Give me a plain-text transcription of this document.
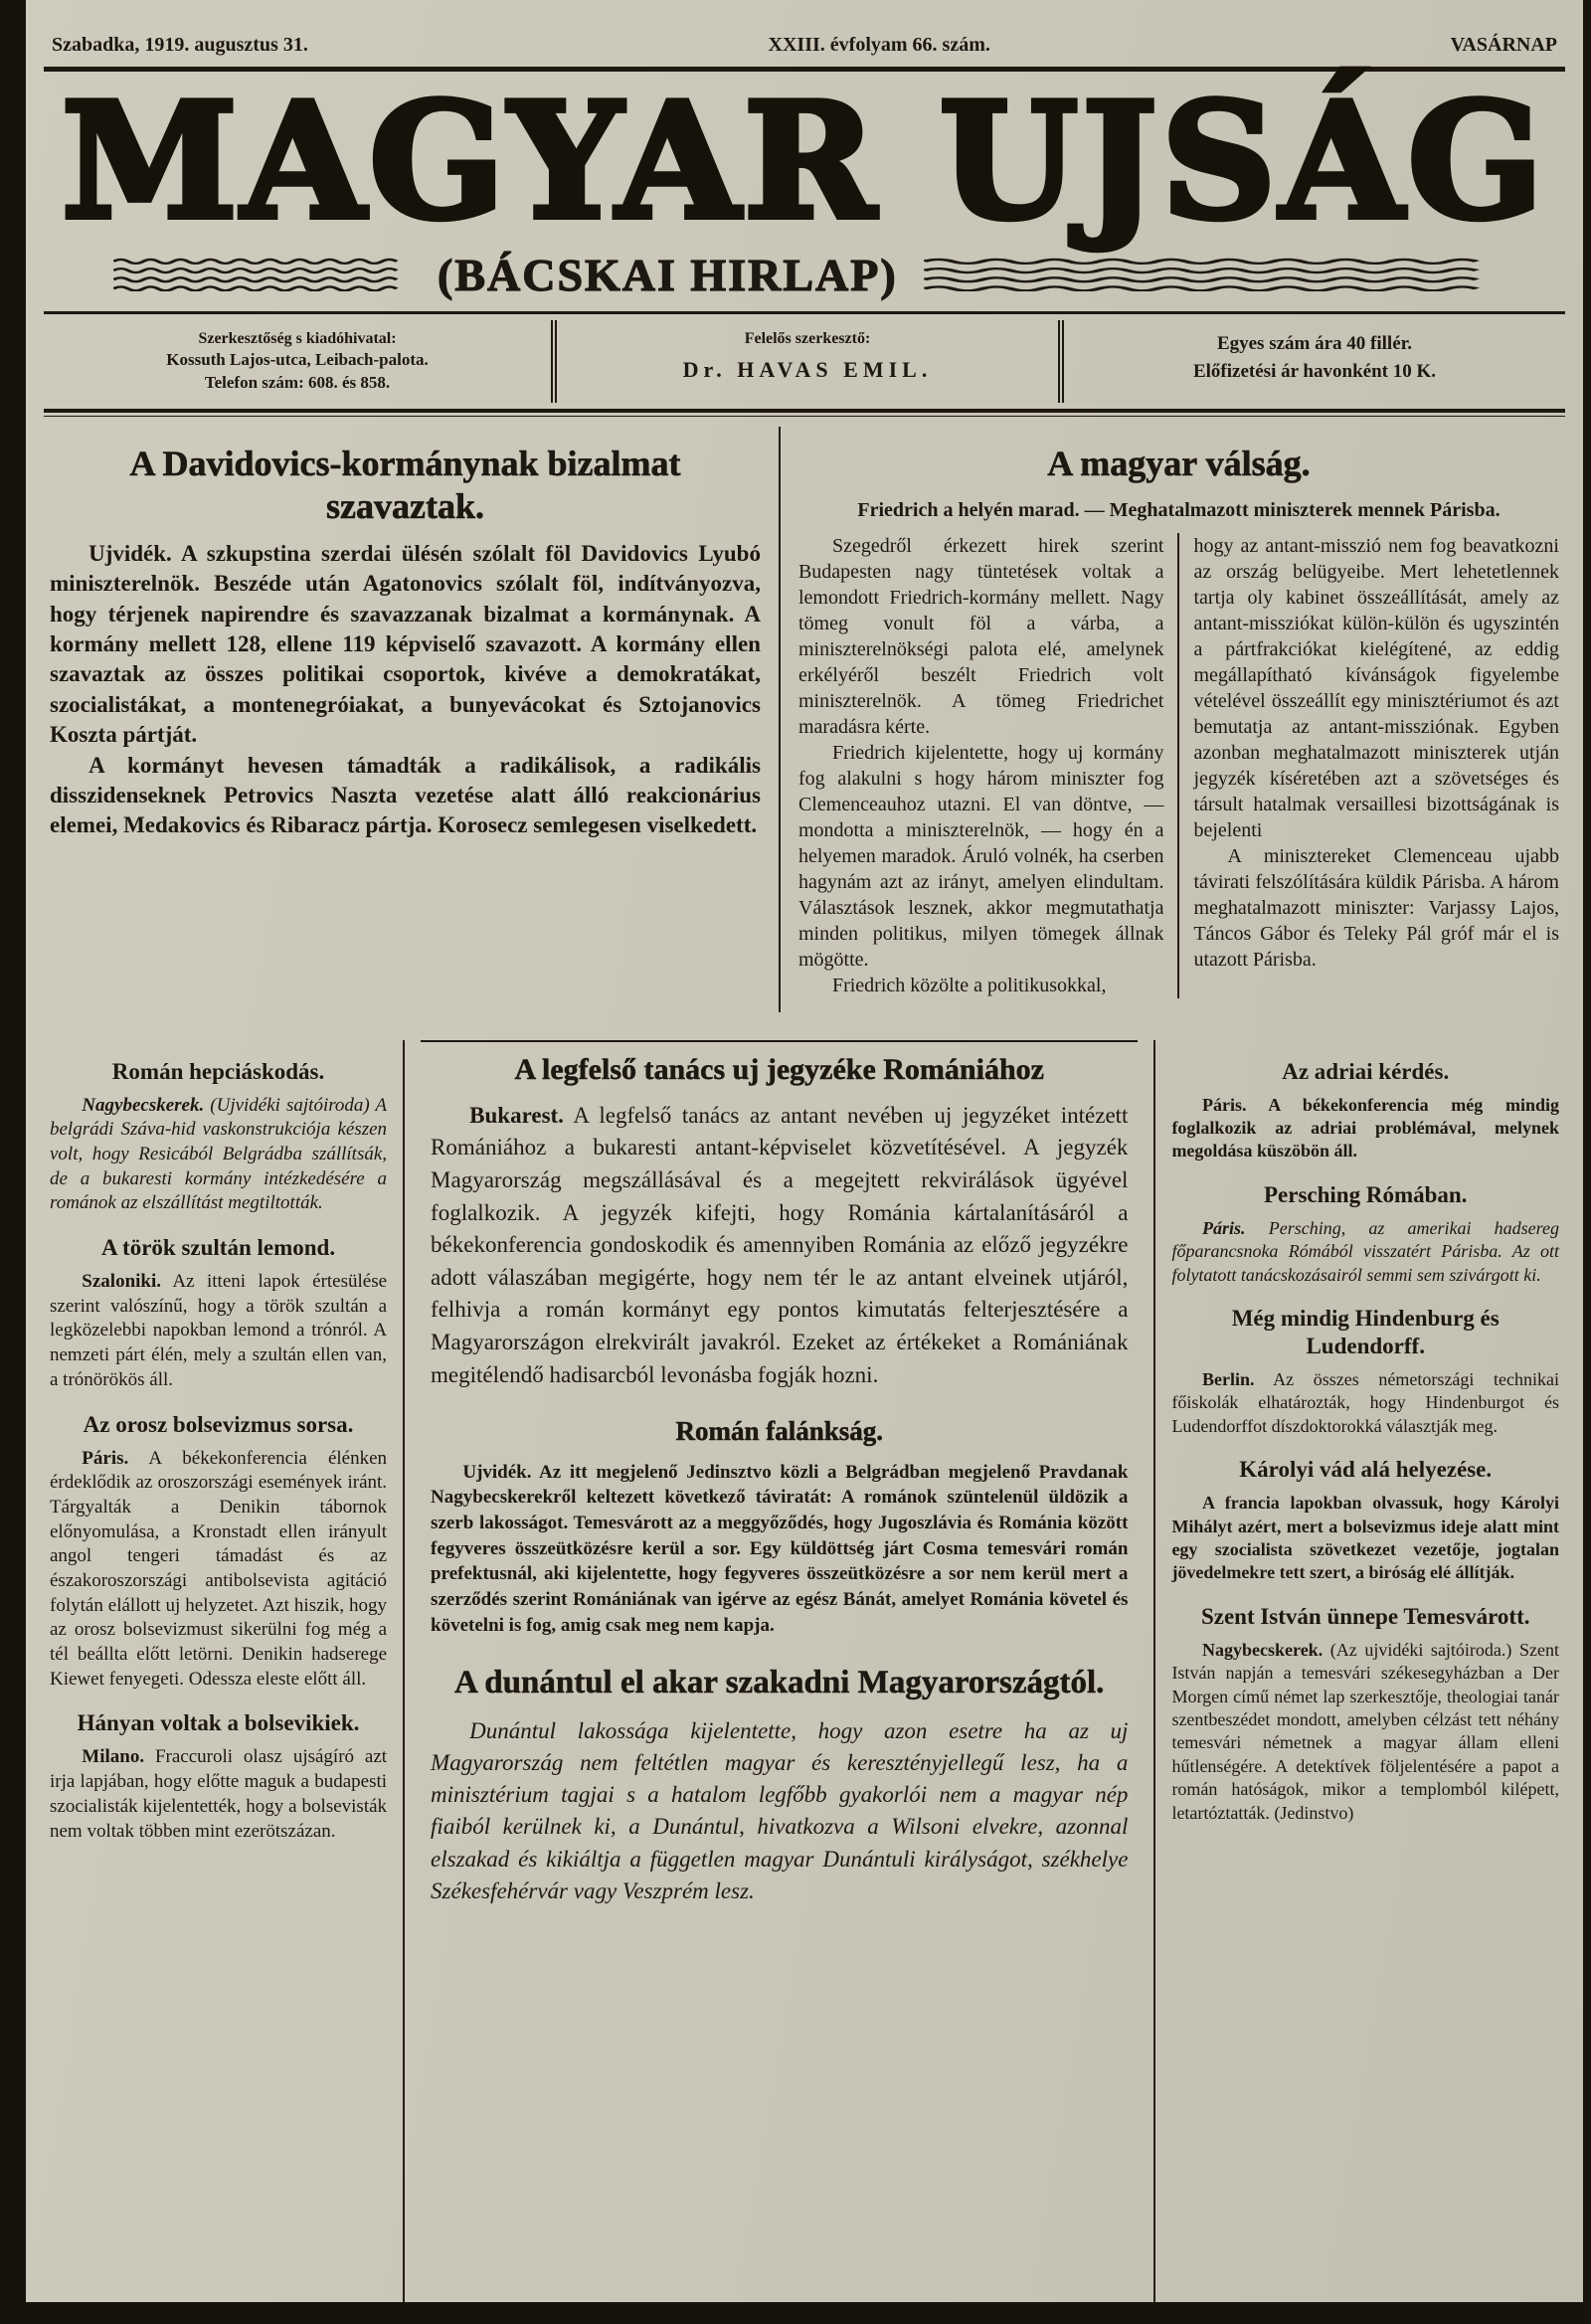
Szabadka, 1919. augusztus 31.	XXIII. évfolyam 66. szám.	VASÁRNAP
MAGYAR UJSÁG
(BÁCSKAI HIRLAP)
Szerkesztőség s kiadóhivatal:
Kossuth Lajos-utca, Leibach-palota.
Telefon szám: 608. és 858.
Felelős szerkesztő:
Dr. HAVAS EMIL.
Egyes szám ára 40 fillér.
Előfizetési ár havonként 10 K.
A Davidovics-kormánynak bizalmat szavaztak.

Ujvidék. A szkupstina szerdai ülésén szólalt föl Davidovics Lyubó miniszterelnök. Beszéde után Agatonovics szólalt föl, indítványozva, hogy térjenek napirendre és szavazzanak bizalmat a kormánynak. A kormány mellett 128, ellene 119 képviselő szavazott. A kormány ellen szavaztak az összes politikai csoportok, kivéve a demokratákat, szocialistákat, a montenegróiakat, a bunyevácokat és Sztojanovics Koszta pártját.

A kormányt hevesen támadták a radikálisok, a radikális disszidenseknek Petrovics Naszta vezetése alatt álló reakcionárius elemei, Medakovics és Ribaracz pártja. Korosecz semlegesen viselkedett.

A magyar válság.

Friedrich a helyén marad. — Meghatalmazott miniszterek mennek Párisba.

Szegedről érkezett hirek szerint Budapesten nagy tüntetések voltak a lemondott Friedrich-kormány mellett. Nagy tömeg vonult föl a várba, a miniszterelnökségi palota elé, amelynek erkélyéről beszélt Friedrich volt miniszterelnök. A tömeg Friedrichet maradásra kérte.

Friedrich kijelentette, hogy uj kormány fog alakulni s hogy három miniszter fog Clemenceauhoz utazni. El van döntve, — mondotta a miniszterelnök, — hogy én a helyemen maradok. Áruló volnék, ha cserben hagynám azt az irányt, amelyen elindultam. Választások lesznek, akkor megmutathatja minden politikus, milyen tömegek állnak mögötte.

Friedrich közölte a politikusokkal,

hogy az antant-misszió nem fog beavatkozni az ország belügyeibe. Mert lehetetlennek tartja oly kabinet összeállítását, amely az antant-missziókat külön-külön és ugyszintén a pártfrakciókat kielégítené, az eddig megállapítható kívánságok figyelembe vételével összeállít egy minisztériumot és azt bemutatja az antant-missziónak. Egyben azonban meghatalmazott miniszterek utján jegyzék kíséretében azt a szövetséges és társult hatalmak versaillesi bizottságának is bejelenti

A minisztereket Clemenceau ujabb távirati felszólítására küldik Párisba. A három meghatalmazott miniszter: Varjassy Lajos, Táncos Gábor és Teleky Pál gróf már el is utazott Párisba.

Román hepciáskodás.

Nagybecskerek. (Ujvidéki sajtóiroda) A belgrádi Száva-hid vaskonstrukciója készen volt, hogy Resicából Belgrádba szállítsák, de a bukaresti kormány intézkedésére a románok az elszállítást megtiltották.

A török szultán lemond.

Szaloniki. Az itteni lapok értesülése szerint valószínű, hogy a török szultán a legközelebbi napokban lemond a trónról. A nemzeti párt élén, mely a szultán ellen van, a trónörökös áll.

Az orosz bolsevizmus sorsa.

Páris. A békekonferencia élénken érdeklődik az oroszországi események iránt. Tárgyalták a Denikin tábornok előnyomulása, a Kronstadt ellen irányult angol tengeri támadást és az északoroszországi antibolsevista agitáció folytán elállott uj helyzetet. Azt hiszik, hogy az orosz bolsevizmust sikerülni fog még a tél beállta előtt letörni. Denikin hadserege Kiewet fenyegeti. Odessza eleste előtt áll.

Hányan voltak a bolsevikiek.

Milano. Fraccuroli olasz ujságíró azt irja lapjában, hogy előtte maguk a budapesti szocialisták kijelentették, hogy a bolsevisták nem voltak többen mint ezerötszázan.

A legfelső tanács uj jegyzéke Romániához

Bukarest. A legfelső tanács az antant nevében uj jegyzéket intézett Romániához a bukaresti antant-képviselet közvetítésével. A jegyzék Magyarország megszállásával és a megejtett rekvirálások ügyével foglalkozik. A jegyzék kifejti, hogy Románia kártalanításáról a békekonferencia gondoskodik és amennyiben Románia az előző jegyzékre adott válaszában megigérte, hogy nem tér le az antant elveinek utjáról, felhivja a román kormányt egy pontos kimutatás felterjesztésére a Magyarországon elrekvirált javakról. Ezeket az értékeket a Romániának megitélendő hadisarcból levonásba fogják hozni.

Román falánkság.

Ujvidék. Az itt megjelenő Jedinsztvo közli a Belgrádban megjelenő Pravdanak Nagybecskerekről keltezett következő táviratát: A románok szüntelenül üldözik a szerb lakosságot. Temesvárott az a meggyőződés, hogy Jugoszlávia és Románia között fegyveres összeütközésre kerül a sor. Egy küldöttség járt Cosma temesvári román prefektusnál, aki kijelentette, hogy fegyveres összeütközésre a sor nem kerül mert a szerződés szerint Romániának van igérve az egész Bánát, amelyet Románia követel és követelni is fog, amig csak meg nem kapja.

A dunántul el akar szakadni Magyarországtól.

Dunántul lakossága kijelentette, hogy azon esetre ha az uj Magyarország nem feltétlen magyar és keresztényjellegű lesz, ha a minisztérium tagjai s a hatalom legfőbb gyakorlói nem a magyar nép fiaiból kerülnek ki, a Dunántul, hivatkozva a Wilsoni elvekre, azonnal elszakad és kikiáltja a független magyar Dunántuli királyságot, székhelye Székesfehérvár vagy Veszprém lesz.

Az adriai kérdés.

Páris. A békekonferencia még mindig foglalkozik az adriai problémával, melynek megoldása küszöbön áll.

Persching Rómában.

Páris. Persching, az amerikai hadsereg főparancsnoka Rómából visszatért Párisba. Az ott folytatott tanácskozásairól semmi sem szivárgott ki.

Még mindig Hindenburg és Ludendorff.

Berlin. Az összes németországi technikai főiskolák elhatározták, hogy Hindenburgot és Ludendorffot díszdoktorokká választják meg.

Károlyi vád alá helyezése.

A francia lapokban olvassuk, hogy Károlyi Mihályt azért, mert a bolsevizmus ideje alatt mint egy szocialista szövetkezet vezetője, jogtalan jövedelmekre tett szert, a biróság elé állítják.

Szent István ünnepe Temesvárott.

Nagybecskerek. (Az ujvidéki sajtóiroda.) Szent István napján a temesvári székesegyházban a Der Morgen című német lap szerkesztője, theologiai tanár szentbeszédet mondott, amelyben célzást tett néhány temesvári németnek a magyar állam elleni hűtlenségére. A detektívek följelentésére a papot a román hatóságok, mikor a templomból kilépett, letartóztatták. (Jedinstvo)
